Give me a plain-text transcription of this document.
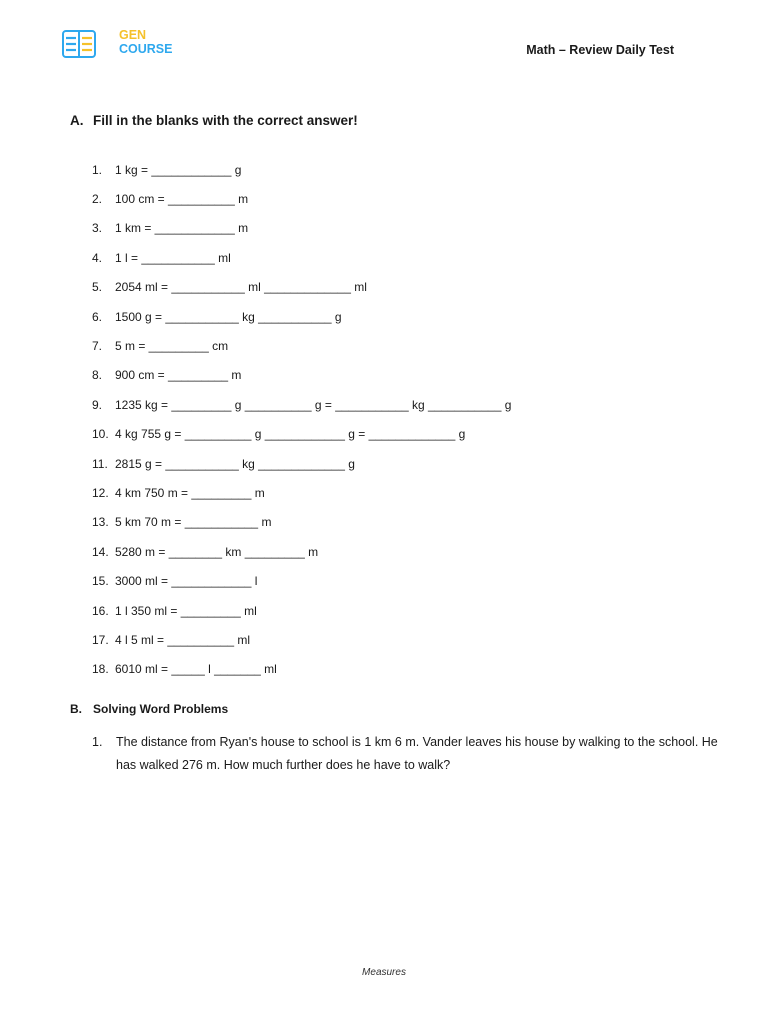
GEN
COURSE	Math – Review Daily Test
A. Fill in the blanks with the correct answer!
1.	1 kg = ____________ g
2.	100 cm = __________ m
3.	1 km = ____________ m
4.	1 l = ___________ ml
5.	2054 ml = ___________ ml _____________ ml
6.	1500 g = ___________ kg ___________ g
7.	5 m = _________ cm
8.	900 cm = _________ m
9.	1235 kg = _________ g __________ g = ___________ kg ___________ g
10. 4 kg 755 g = __________ g ____________ g = _____________ g
11. 2815 g = ___________ kg _____________ g
12. 4 km 750 m = _________ m
13. 5 km 70 m = ___________ m
14. 5280 m = ________ km _________ m
15. 3000 ml = ____________ l
16. 1 l 350 ml = _________ ml
17. 4 l 5 ml = __________ ml
18. 6010 ml = _____ l _______ ml
B. Solving Word Problems
1.	The distance from Ryan's house to school is 1 km 6 m. Vander leaves his house by walking to the school. He has walked 276 m. How much further does he have to walk?
Measures
